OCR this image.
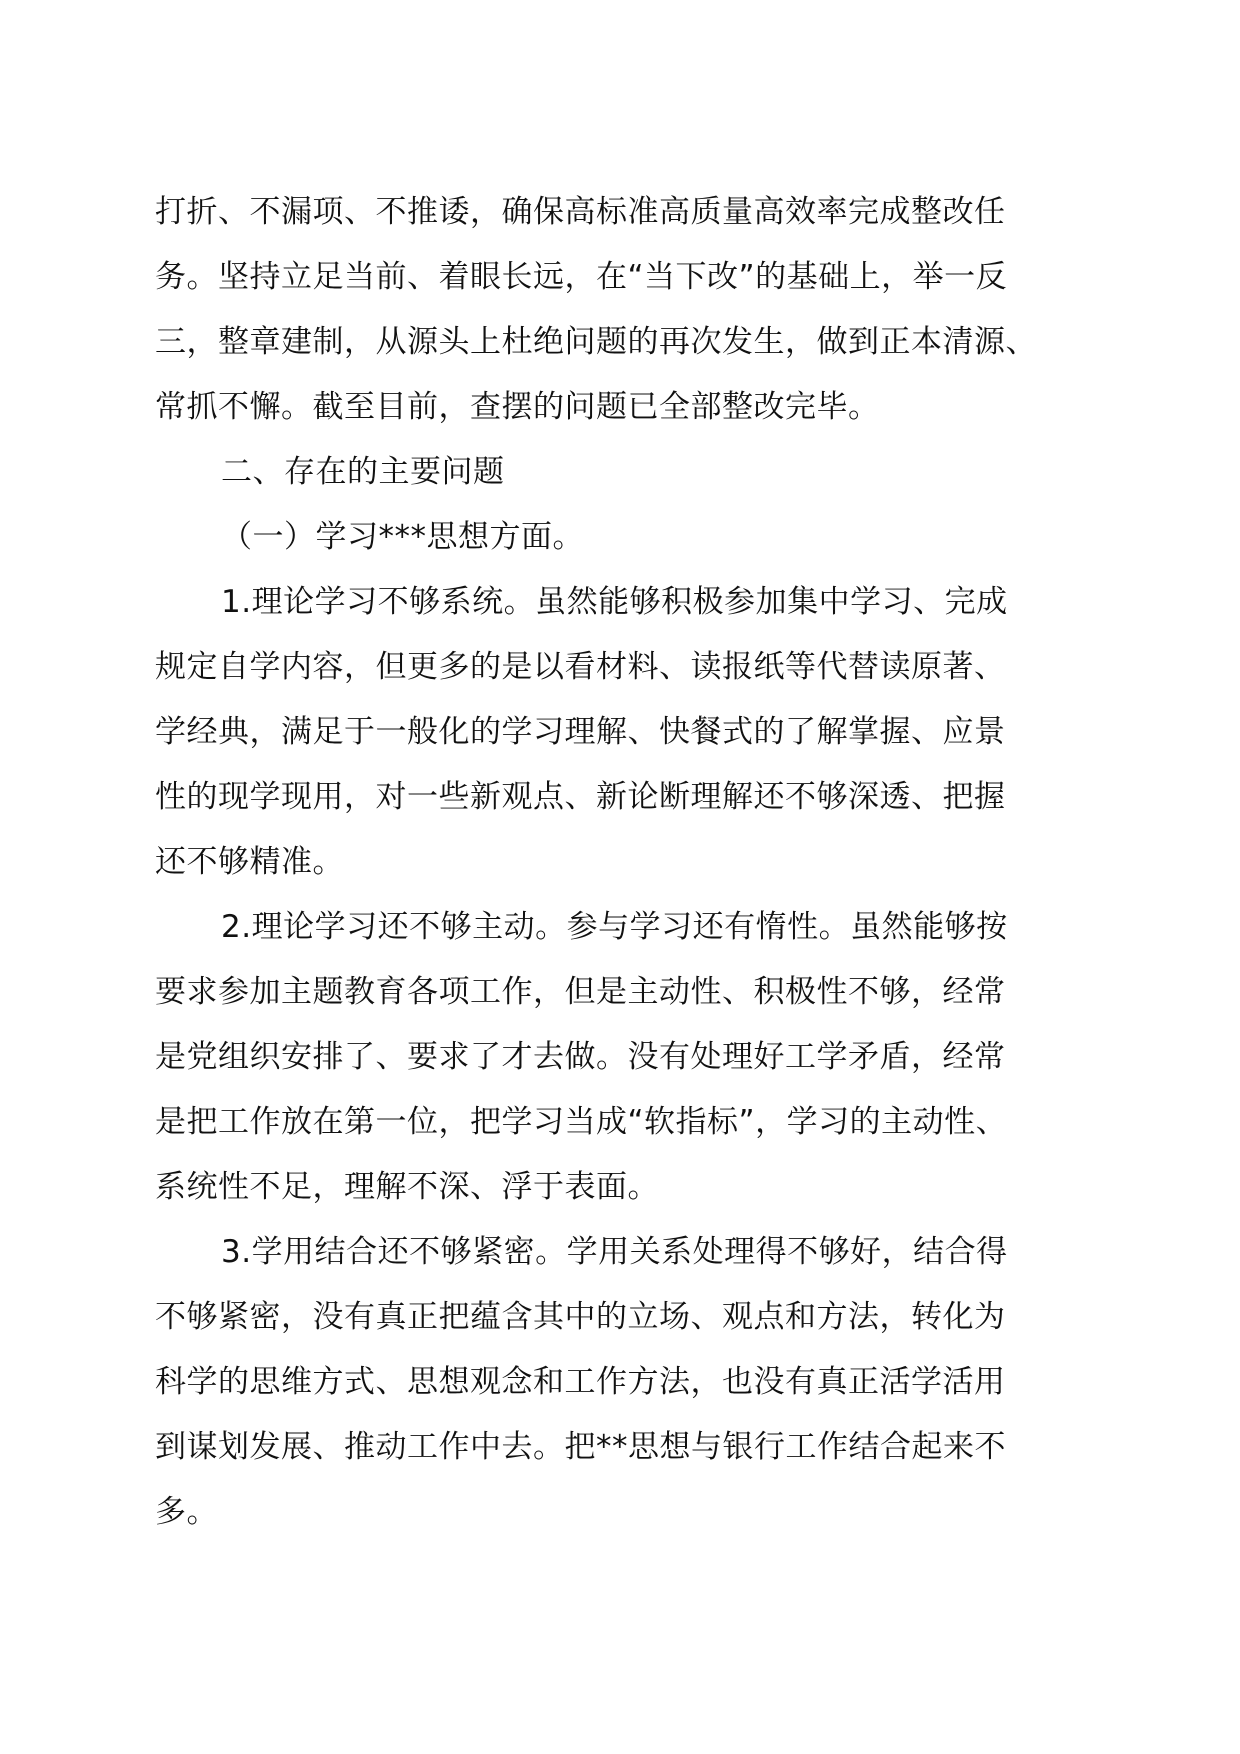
打折、不漏项、不推诿，确保高标准高质量高效率完成整改任
务。坚持立足当前、着眼长远，在“当下改”的基础上，举一反
三，整章建制，从源头上杜绝问题的再次发生，做到正本清源、
常抓不懈。截至目前，查摆的问题已全部整改完毕。
二、存在的主要问题
（一）学习***思想方面。
1.理论学习不够系统。虽然能够积极参加集中学习、完成
规定自学内容，但更多的是以看材料、读报纸等代替读原著、
学经典，满足于一般化的学习理解、快餐式的了解掌握、应景
性的现学现用，对一些新观点、新论断理解还不够深透、把握
还不够精准。
2.理论学习还不够主动。参与学习还有惰性。虽然能够按
要求参加主题教育各项工作，但是主动性、积极性不够，经常
是党组织安排了、要求了才去做。没有处理好工学矛盾，经常
是把工作放在第一位，把学习当成“软指标”，学习的主动性、
系统性不足，理解不深、浮于表面。
3.学用结合还不够紧密。学用关系处理得不够好，结合得
不够紧密，没有真正把蕴含其中的立场、观点和方法，转化为
科学的思维方式、思想观念和工作方法，也没有真正活学活用
到谋划发展、推动工作中去。把**思想与银行工作结合起来不
多。
